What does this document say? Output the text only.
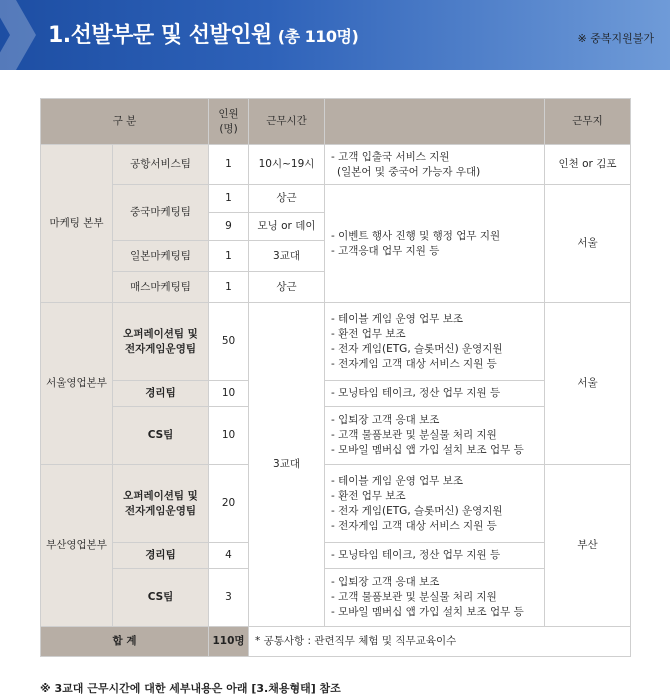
1.선발부문 및 선발인원 (총 110명)	※ 중복지원불가
구 분		인원
(명)	근무시간		근무지
마케팅 본부	공항서비스팀	1	10시~19시	- 고객 입출국 서비스 지원
(일본어 및 중국어 가능자 우대)	인천 or 김포
	중국마케팅팀	1	상근	- 이벤트 행사 진행 및 행정 업무 지원
- 고객응대 업무 지원 등	서울
		9	모닝 or 데이		
	일본마케팅팀	1	3교대		
	매스마케팅팀	1	상근		
서울영업본부	오퍼레이션팀 및
전자게임운영팀	50	3교대	- 테이블 게임 운영 업무 보조
- 환전 업무 보조
- 전자 게임(ETG, 슬롯머신) 운영지원
- 전자게임 고객 대상 서비스 지원 등	서울
	경리팀	10		- 모닝타임 테이크, 정산 업무 지원 등	
	CS팀	10		- 입퇴장 고객 응대 보조
- 고객 물품보관 및 분실물 처리 지원
- 모바일 멤버십 앱 가입 설치 보조 업무 등	

부산영업본부	오퍼레이션팀 및
전자게임운영팀	20		- 테이블 게임 운영 업무 보조
- 환전 업무 보조
- 전자 게임(ETG, 슬롯머신) 운영지원
- 전자게임 고객 대상 서비스 지원 등	부산
	경리팀	4		- 모닝타임 테이크, 정산 업무 지원 등	
	CS팀	3		- 입퇴장 고객 응대 보조
- 고객 물품보관 및 분실물 처리 지원
- 모바일 멤버십 앱 가입 설치 보조 업무 등	

합 계		110명	* 공통사항 : 관련직무 체험 및 직무교육이수		
※ 3교대 근무시간에 대한 세부내용은 아래 [3.채용형태] 참조
